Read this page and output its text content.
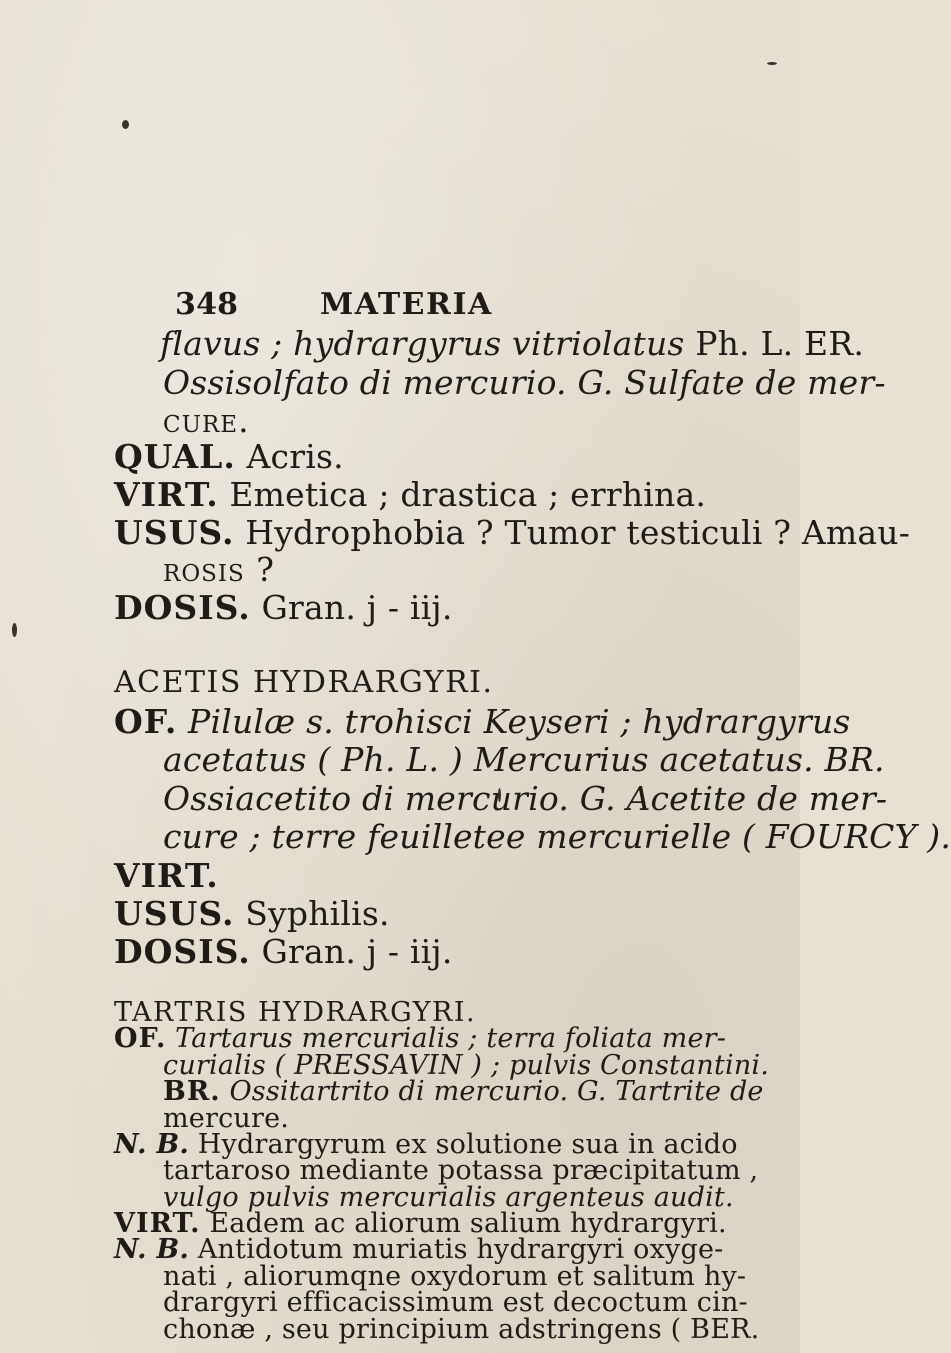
348	MATERIA
flavus ; hydrargyrus vitriolatus Ph. L. ER.
Ossisolfato di mercurio. G. Sulfate de mer-
cure.
QUAL. Acris.
VIRT. Emetica ; drastica ; errhina.
USUS. Hydrophobia ? Tumor testiculi ? Amau-
rosis ?
DOSIS. Gran. j - iij.
ACETIS HYDRARGYRI.
OF. Pilulæ s. trohisci Keyseri ; hydrargyrus
acetatus ( Ph. L. ) Mercurius acetatus. BR.
Ossiacetito di mercurio. G. Acetite de mer-
cure ; terre feuilletee mercurielle ( FOURCY ).
VIRT.
USUS. Syphilis.
DOSIS. Gran. j - iij.
TARTRIS HYDRARGYRI.
OF. Tartarus mercurialis ; terra foliata mer-
curialis ( PRESSAVIN ) ; pulvis Constantini.
BR. Ossitartrito di mercurio. G. Tartrite de
mercure.
N. B. Hydrargyrum ex solutione sua in acido
tartaroso mediante potassa præcipitatum ,
vulgo pulvis mercurialis argenteus audit.
VIRT. Eadem ac aliorum salium hydrargyri.
N. B. Antidotum muriatis hydrargyri oxyge-
nati , aliorumqne oxydorum et salitum hy-
drargyri efficacissimum est decoctum cin-
chonæ , seu principium adstringens ( BER.
